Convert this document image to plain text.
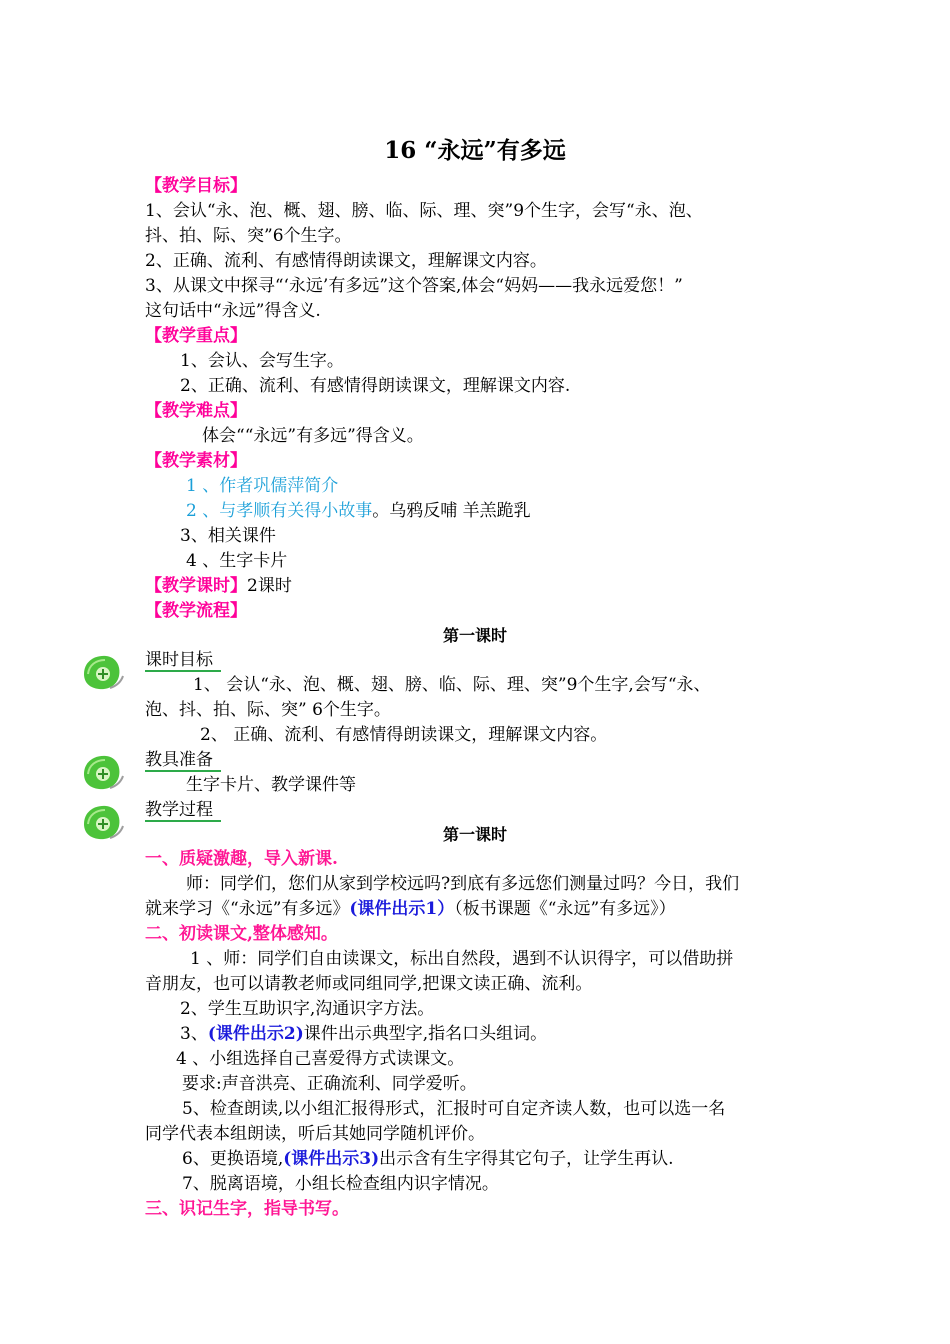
16 “永远”有多远
【教学目标】
1、会认“永、泡、概、翅、膀、临、际、理、突”9个生字，会写“永、泡、
抖、拍、际、突”6个生字。
2、正确、流利、有感情得朗读课文，理解课文内容。
3、从课文中探寻“‘永远’有多远”这个答案,体会“妈妈——我永远爱您！”
这句话中“永远”得含义.
【教学重点】
1、会认、会写生字。
2、正确、流利、有感情得朗读课文，理解课文内容.
【教学难点】
体会““永远”有多远”得含义。
【教学素材】
1 、作者巩儒萍简介
2 、与孝顺有关得小故事。乌鸦反哺 羊羔跪乳
3、相关课件
4 、生字卡片
【教学课时】2课时
【教学流程】
第一课时
课时目标
1、 会认“永、泡、概、翅、膀、临、际、理、突”9个生字,会写“永、
泡、抖、拍、际、突” 6个生字。
2、 正确、流利、有感情得朗读课文，理解课文内容。
教具准备
生字卡片、教学课件等
教学过程
第一课时
一、质疑激趣，导入新课.
师：同学们，您们从家到学校远吗?到底有多远您们测量过吗？今日，我们
就来学习《“永远”有多远》(课件出示1）（板书课题《“永远”有多远》）
二、初读课文,整体感知。
1 、师：同学们自由读课文，标出自然段，遇到不认识得字，可以借助拼
音朋友，也可以请教老师或同组同学,把课文读正确、流利。
2、学生互助识字,沟通识字方法。
3、(课件出示2)课件出示典型字,指名口头组词。
4 、小组选择自己喜爱得方式读课文。
要求:声音洪亮、正确流利、同学爱听。
5、检查朗读,以小组汇报得形式，汇报时可自定齐读人数，也可以选一名
同学代表本组朗读，听后其她同学随机评价。
6、更换语境,(课件出示3)出示含有生字得其它句子，让学生再认.
7、脱离语境，小组长检查组内识字情况。
三、识记生字，指导书写。
